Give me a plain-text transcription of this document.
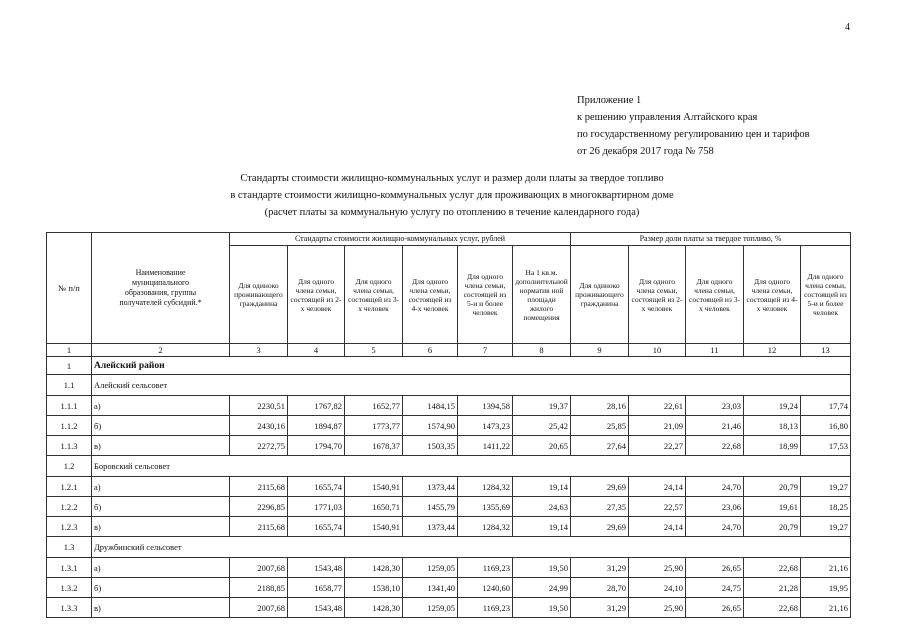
4
Приложение 1
к решению управления Алтайского края
по государственному регулированию цен и тарифов
от 26 декабря 2017 года № 758
Стандарты стоимости жилищно-коммунальных услуг и размер доли платы за твердое топливо
в стандарте стоимости жилищно-коммунальных услуг для проживающих в многоквартирном доме
(расчет платы за коммунальную услугу по отоплению в течение календарного года)
№ п/п	Наименование муниципального образования, группы получателей субсидий.*	Стандарты стоимости жилищно-коммунальных услуг, рублей						Размер доли платы за твердое топливо, %				
		Для одиноко проживающего гражданина	Для одного члена семьи, состоящей из 2-х человек	Для одного члена семьи, состоящей из 3-х человек	Для одного члена семьи, состоящей из 4-х человек	Для одного члена семьи, состоящей из 5-и и более человек	На 1 кв.м. дополнительной норматив ной площади жилого помещения	Для одиноко проживающего гражданина	Для одного члена семьи, состоящей из 2-х человек	Для одного члена семьи, состоящей из 3-х человек	Для одного члена семьи, состоящей из 4-х человек	Для одного члена семьи, состоящей из 5-и и более человек
1	2	3	4	5	6	7	8	9	10	11	12	13
1	Алейский район											
1.1	Алейский сельсовет											
1.1.1	а)	2230,51	1767,82	1652,77	1484,15	1394,58	19,37	28,16	22,61	23,03	19,24	17,74
1.1.2	б)	2430,16	1894,87	1773,77	1574,90	1473,23	25,42	25,85	21,09	21,46	18,13	16,80
1.1.3	в)	2272,75	1794,70	1678,37	1503,35	1411,22	20,65	27,64	22,27	22,68	18,99	17,53
1.2	Боровский сельсовет											
1.2.1	а)	2115,68	1655,74	1540,91	1373,44	1284,32	19,14	29,69	24,14	24,70	20,79	19,27
1.2.2	б)	2296,85	1771,03	1650,71	1455,79	1355,69	24,63	27,35	22,57	23,06	19,61	18,25
1.2.3	в)	2115,68	1655,74	1540,91	1373,44	1284,32	19,14	29,69	24,14	24,70	20,79	19,27
1.3	Дружбинский сельсовет											
1.3.1	а)	2007,68	1543,48	1428,30	1259,05	1169,23	19,50	31,29	25,90	26,65	22,68	21,16
1.3.2	б)	2188,85	1658,77	1538,10	1341,40	1240,60	24,99	28,70	24,10	24,75	21,28	19,95
1.3.3	в)	2007,68	1543,48	1428,30	1259,05	1169,23	19,50	31,29	25,90	26,65	22,68	21,16
